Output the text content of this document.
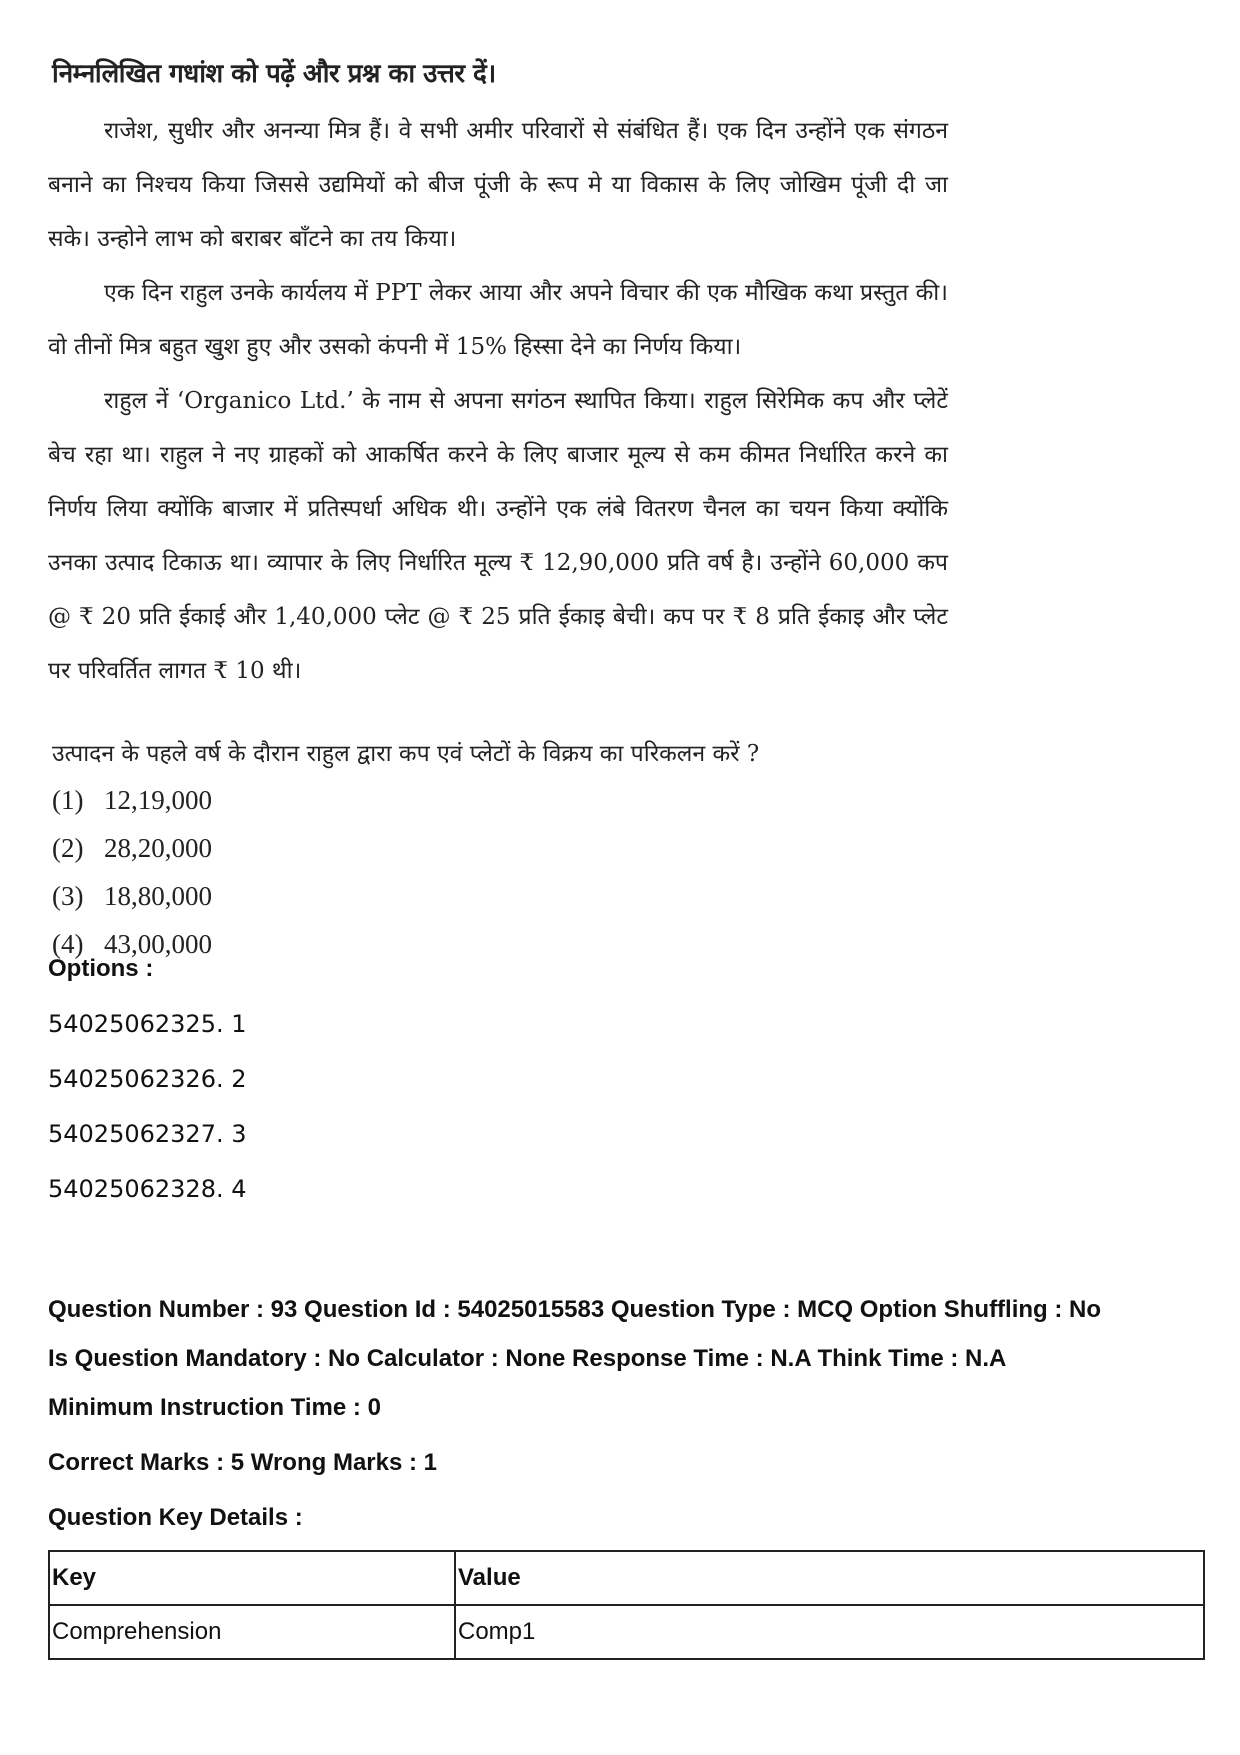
निम्नलिखित गधांश को पढ़ें और प्रश्न का उत्तर दें।

राजेश, सुधीर और अनन्या मित्र हैं। वे सभी अमीर परिवारों से संबंधित हैं। एक दिन उन्होंने एक संगठन बनाने का निश्चय किया जिससे उद्यमियों को बीज पूंजी के रूप मे या विकास के लिए जोखिम पूंजी दी जा सके। उन्होने लाभ को बराबर बाँटने का तय किया।

एक दिन राहुल उनके कार्यलय में PPT लेकर आया और अपने विचार की एक मौखिक कथा प्रस्तुत की। वो तीनों मित्र बहुत खुश हुए और उसको कंपनी में 15% हिस्सा देने का निर्णय किया।

राहुल नें ‘Organico Ltd.’ के नाम से अपना सगंठन स्थापित किया। राहुल सिरेमिक कप और प्लेटें बेच रहा था। राहुल ने नए ग्राहकों को आकर्षित करने के लिए बाजार मूल्य से कम कीमत निर्धारित करने का निर्णय लिया क्योंकि बाजार में प्रतिस्पर्धा अधिक थी। उन्होंने एक लंबे वितरण चैनल का चयन किया क्योंकि उनका उत्पाद टिकाऊ था। व्यापार के लिए निर्धारित मूल्य ₹ 12,90,000 प्रति वर्ष है। उन्होंने 60,000 कप @ ₹ 20 प्रति ईकाई और 1,40,000 प्लेट @ ₹ 25 प्रति ईकाइ बेची। कप पर ₹ 8 प्रति ईकाइ और प्लेट पर परिवर्तित लागत ₹ 10 थी।

उत्पादन के पहले वर्ष के दौरान राहुल द्वारा कप एवं प्लेटों के विक्रय का परिकलन करें ?
(1) 12,19,000
(2) 28,20,000
(3) 18,80,000
(4) 43,00,000
Options :
54025062325. 1
54025062326. 2
54025062327. 3
54025062328. 4
Question Number : 93 Question Id : 54025015583 Question Type : MCQ Option Shuffling : No
Is Question Mandatory : No Calculator : None Response Time : N.A Think Time : N.A
Minimum Instruction Time : 0
Correct Marks : 5 Wrong Marks : 1
Question Key Details :
Key	Value
Comprehension	Comp1
